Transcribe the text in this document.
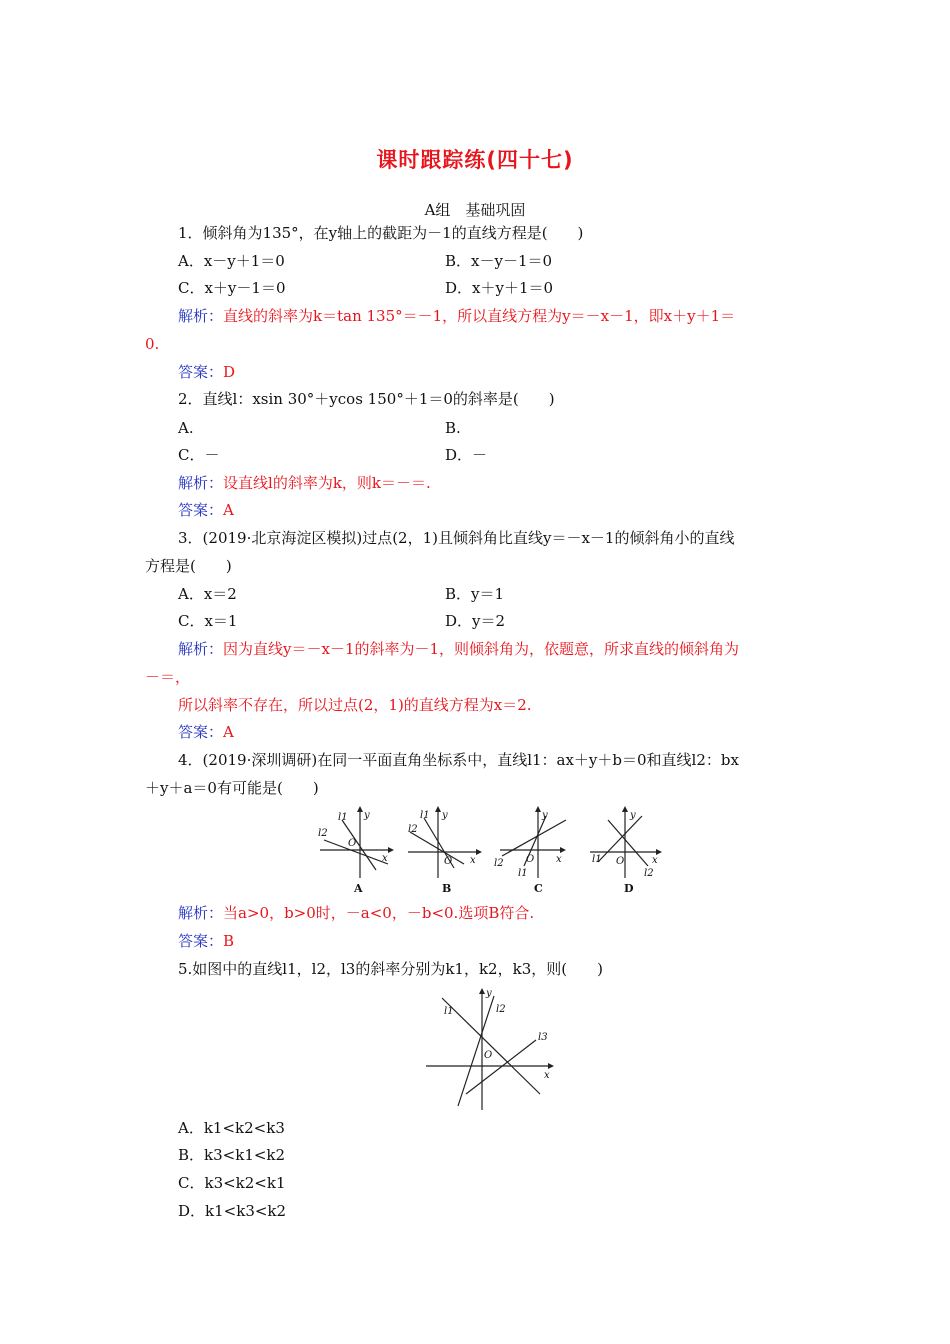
课时跟踪练(四十七)
A组　基础巩固
1．倾斜角为135°，在y轴上的截距为－1的直线方程是(　　)
A．x－y＋1＝0	B．x－y－1＝0
C．x＋y－1＝0	D．x＋y＋1＝0
解析：直线的斜率为k＝tan 135°＝－1，所以直线方程为y＝－x－1，即x＋y＋1＝
0.
答案：D
2．直线l：xsin 30°＋ycos 150°＋1＝0的斜率是(　　)
A.	B.
C．－	D．－
解析：设直线l的斜率为k，则k＝－＝.
答案：A
3．(2019·北京海淀区模拟)过点(2，1)且倾斜角比直线y＝－x－1的倾斜角小的直线
方程是(　　)
A．x＝2	B．y＝1
C．x＝1	D．y＝2
解析：因为直线y＝－x－1的斜率为－1，则倾斜角为，依题意，所求直线的倾斜角为
－＝，
所以斜率不存在，所以过点(2，1)的直线方程为x＝2.
答案：A
4．(2019·深圳调研)在同一平面直角坐标系中，直线l1：ax＋y＋b＝0和直线l2：bx
＋y＋a＝0有可能是(　　)
y
x
O
l1
l2
y
x
O
l1
l2
y
x
O
l1
l2
y
x
O
l1
l2
A	B	C	D
解析：当a>0，b>0时，－a<0，－b<0.选项B符合.
答案：B
5.如图中的直线l1，l2，l3的斜率分别为k1，k2，k3，则(　　)
y
x
O
l1	l2
l3
A．k1<k2<k3
B．k3<k1<k2
C．k3<k2<k1
D．k1<k3<k2
